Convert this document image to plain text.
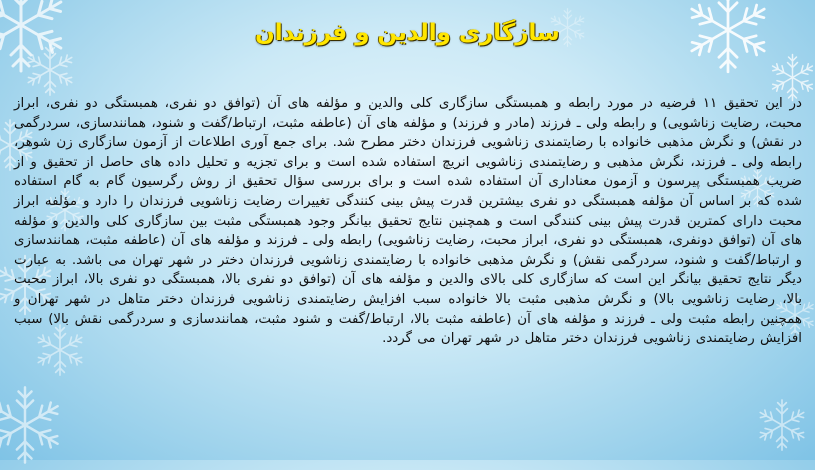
سازگاری والدین و فرزندان

در این تحقیق ۱۱ فرضیه در مورد رابطه و همبستگی سازگاری کلی والدین و مؤلفه های آن (توافق دو نفری، همبستگی دو نفری، ابراز محبت، رضایت زناشویی) و رابطه ولی ـ فرزند (مادر و فرزند) و مؤلفه های آن (عاطفه مثبت، ارتباط/گفت و شنود، همانندسازی، سردرگمی در نقش) و نگرش مذهبی خانواده با رضایتمندی زناشویی فرزندان دختر مطرح شد. برای جمع آوری اطلاعات از آزمون سازگاری زن شوهر، رابطه ولی ـ فرزند، نگرش مذهبی و رضایتمندی زناشویی انریچ استفاده شده است و برای تجزیه و تحلیل داده های حاصل از تحقیق و از ضریب همبستگی پیرسون و آزمون معناداری آن استفاده شده است و برای بررسی سؤال تحقیق از روش رگرسیون گام به گام استفاده شده که بر اساس آن مؤلفه همبستگی دو نفری بیشترین قدرت پیش بینی کنندگی تغییرات رضایت زناشویی فرزندان را دارد و مؤلفه ابراز محبت دارای کمترین قدرت پیش بینی کنندگی است و همچنین نتایج تحقیق بیانگر وجود همبستگی مثبت بین سازگاری کلی والدین و مؤلفه های آن (توافق دونفری، همبستگی دو نفری، ابراز محبت، رضایت زناشویی) رابطه ولی ـ فرزند و مؤلفه های آن (عاطفه مثبت، همانندسازی و ارتباط/گفت و شنود، سردرگمی نقش) و نگرش مذهبی خانواده با رضایتمندی زناشویی فرزندان دختر در شهر تهران می باشد. به عبارت دیگر نتایج تحقیق بیانگر این است که سازگاری کلی بالای والدین و مؤلفه های آن (توافق دو نفری بالا، همبستگی دو نفری بالا، ابراز محبت بالا، رضایت زناشویی بالا) و نگرش مذهبی مثبت بالا خانواده سبب افزایش رضایتمندی زناشویی فرزندان دختر متاهل در شهر تهران و همچنین رابطه مثبت ولی ـ فرزند و مؤلفه های آن (عاطفه مثبت بالا، ارتباط/گفت و شنود مثبت، همانندسازی و سردرگمی نقش بالا) سبب افزایش رضایتمندی زناشویی فرزندان دختر متاهل در شهر تهران می گردد.
